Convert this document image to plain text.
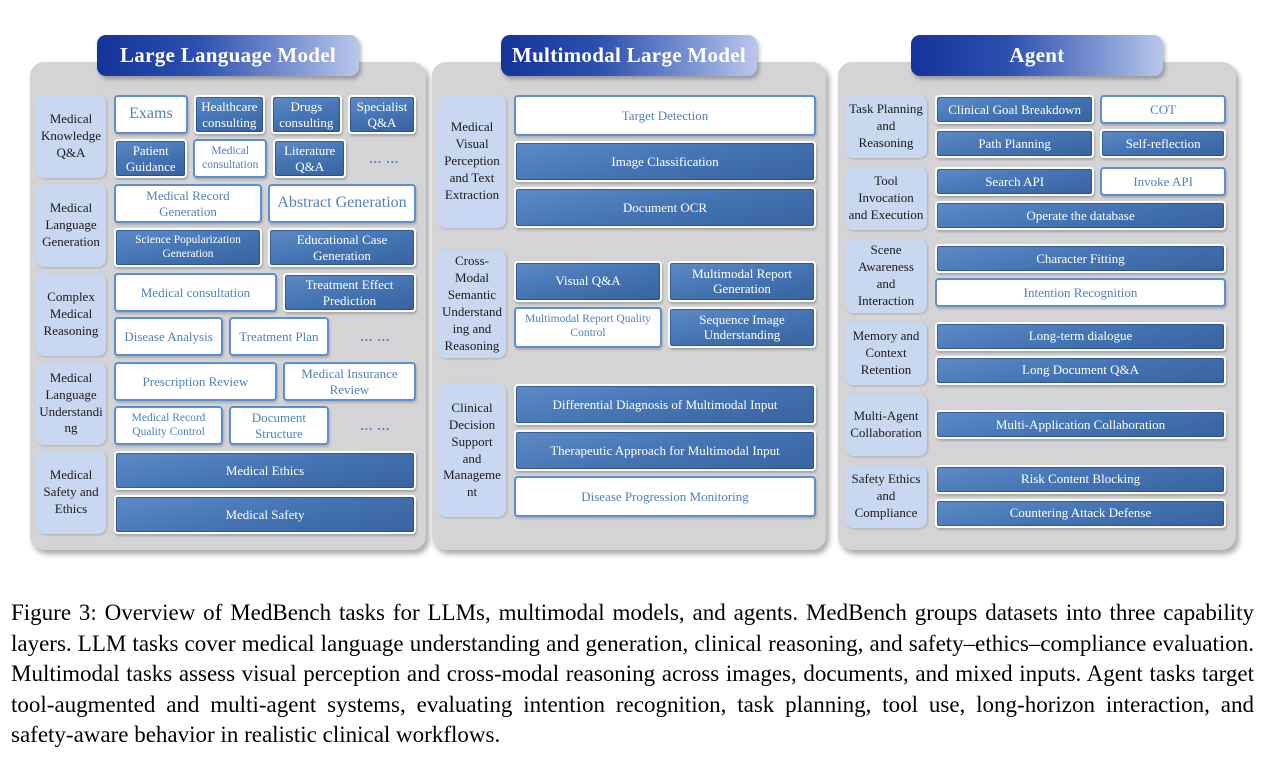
Large Language Model
Medical Knowledge Q&A
Exams	Healthcare consulting
Drugs consulting
Specialist Q&A
Patient Guidance
Medical consultation
Literature Q&A
... ...
Medical Language Generation
Medical Record Generation	Abstract Generation
Science Popularization Generation
Educational Case Generation
Complex Medical Reasoning
Medical consultation
Treatment Effect Prediction
Disease Analysis	Treatment Plan	... ...
Medical Language Understanding
Prescription Review
Medical Insurance Review
Medical Record Quality Control
Document Structure
... ...
Medical Safety and Ethics
Medical Ethics
Medical Safety
Multimodal Large Model
Medical Visual Perception and Text Extraction
Target Detection
Image Classification
Document OCR
Cross-Modal Semantic Understanding and Reasoning
Visual Q&A
Multimodal Report Generation
Multimodal Report Quality Control
Sequence Image Understanding
Clinical Decision Support and Management
Differential Diagnosis of Multimodal Input
Therapeutic Approach for Multimodal Input
Disease Progression Monitoring
Agent
Task Planning and Reasoning
Clinical Goal Breakdown	COT
Path Planning	Self-reflection
Tool Invocation and Execution
Search API	Invoke API
Operate the database
Scene Awareness and Interaction
Character Fitting
Intention Recognition
Memory and Context Retention
Long-term dialogue
Long Document Q&A
Multi-Agent Collaboration
Multi-Application Collaboration
Safety Ethics and Compliance
Risk Content Blocking
Countering Attack Defense

Figure 3: Overview of MedBench tasks for LLMs, multimodal models, and agents. MedBench groups datasets into three capability layers. LLM tasks cover medical language understanding and generation, clinical reasoning, and safety–ethics–compliance evaluation. Multimodal tasks assess visual perception and cross-modal reasoning across images, documents, and mixed inputs. Agent tasks target tool-augmented and multi-agent systems, evaluating intention recognition, task planning, tool use, long-horizon interaction, and safety-aware behavior in realistic clinical workflows.
